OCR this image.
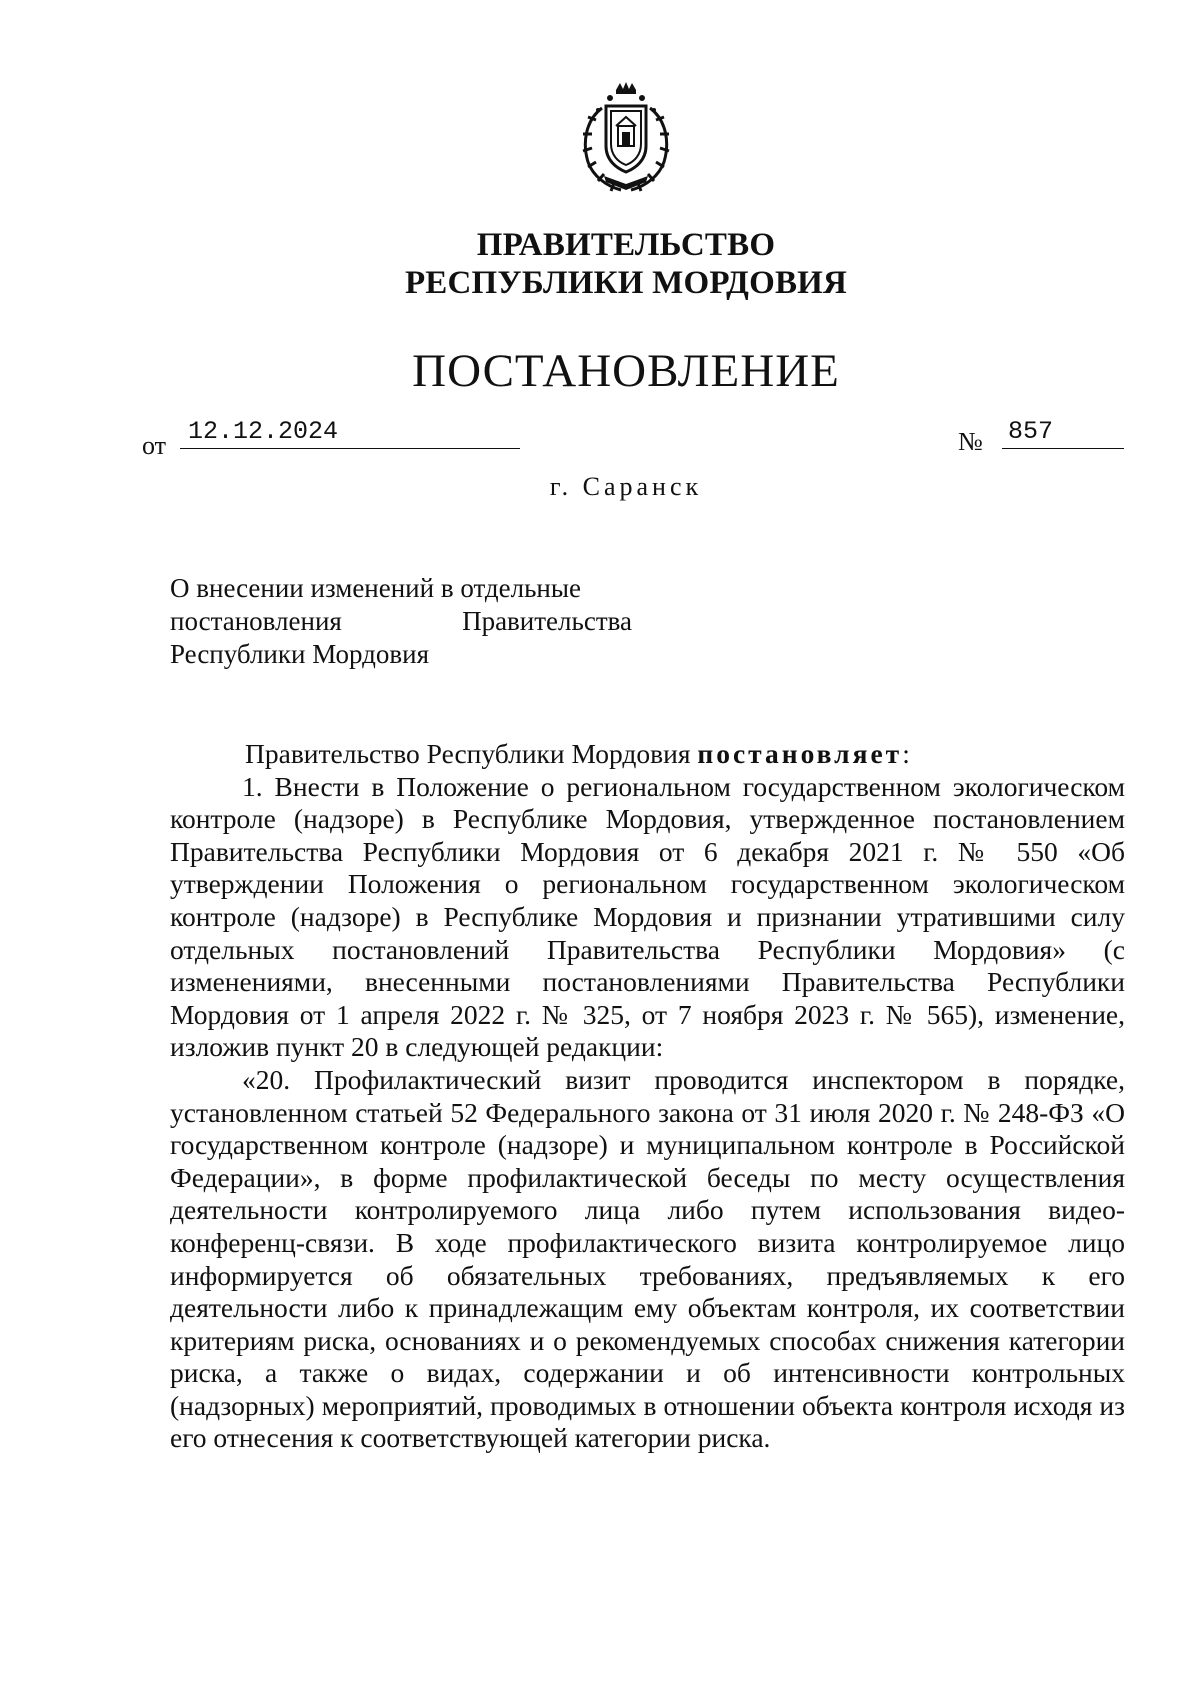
ПРАВИТЕЛЬСТВО
РЕСПУБЛИКИ МОРДОВИЯ
ПОСТАНОВЛЕНИЕ
от 12.12.2024	№ 857
г. Саранск
О внесении изменений в отдельные
постановления	Правительства
Республики Мордовия

Правительство Республики Мордовия постановляет:

1. Внести в Положение о региональном государственном экологическом контроле (надзоре) в Республике Мордовия, утвержденное постановлением Правительства Республики Мордовия от 6 декабря 2021 г. № 550 «Об утверждении Положения о региональном государственном экологическом контроле (надзоре) в Республике Мордовия и признании утратившими силу отдельных постановлений Правительства Республики Мордовия» (с изменениями, внесенными постановлениями Правительства Республики Мордовия от 1 апреля 2022 г. № 325, от 7 ноября 2023 г. № 565), изменение, изложив пункт 20 в следующей редакции:

«20. Профилактический визит проводится инспектором в порядке, установленном статьей 52 Федерального закона от 31 июля 2020 г. № 248-ФЗ «О государственном контроле (надзоре) и муниципальном контроле в Российской Федерации», в форме профилактической беседы по месту осуществления деятельности контролируемого лица либо путем использования видео-конференц-связи. В ходе профилактического визита контролируемое лицо информируется об обязательных требованиях, предъявляемых к его деятельности либо к принадлежащим ему объектам контроля, их соответствии критериям риска, основаниях и о рекомендуемых способах снижения категории риска, а также о видах, содержании и об интенсивности контрольных (надзорных) мероприятий, проводимых в отношении объекта контроля исходя из его отнесения к соответствующей категории риска.
